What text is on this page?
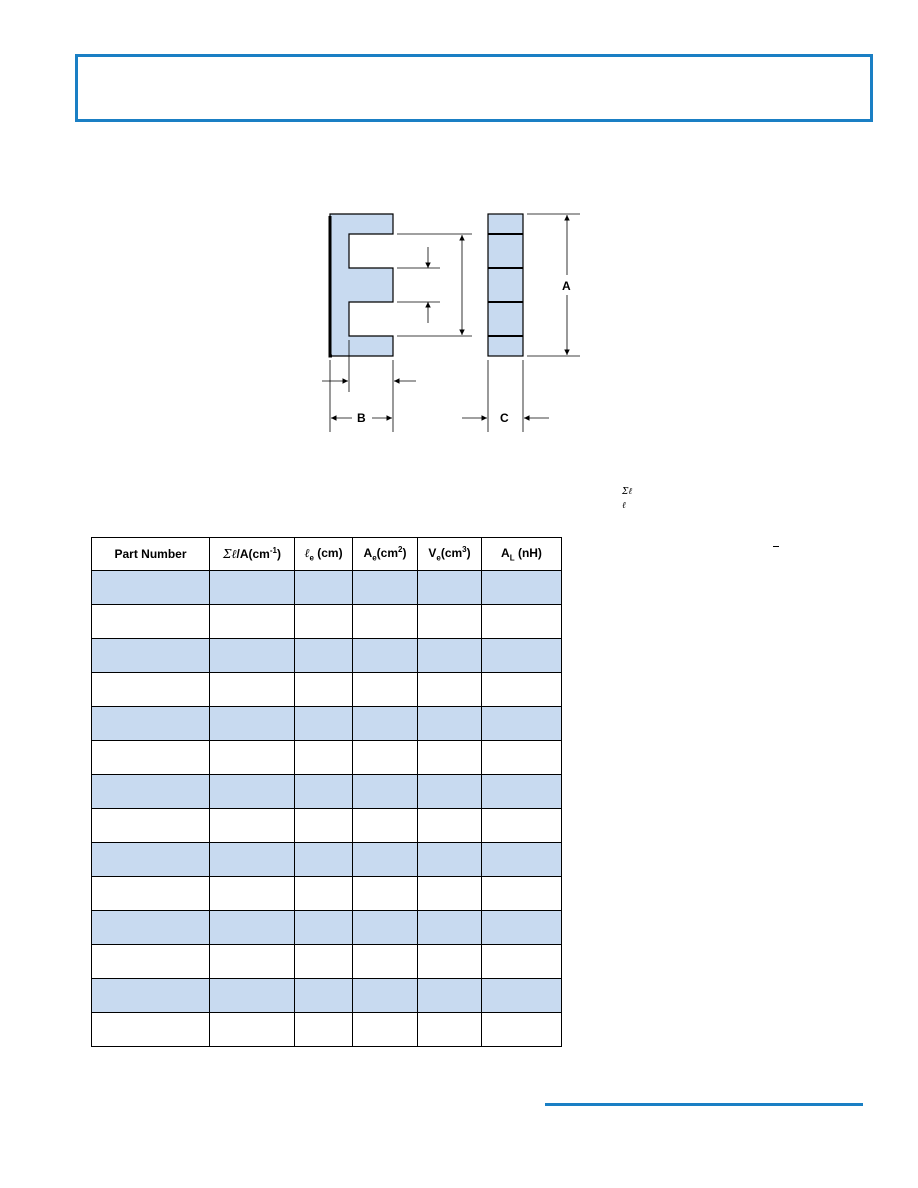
A
B	C
Σℓ
ℓ
Part Number	$\Sigma\ell/A(cm^{-1})$	ℓ$_e$ (cm)	$A_e(cm^2)$	$V_e(cm^3)$	$A_L$ (nH)
